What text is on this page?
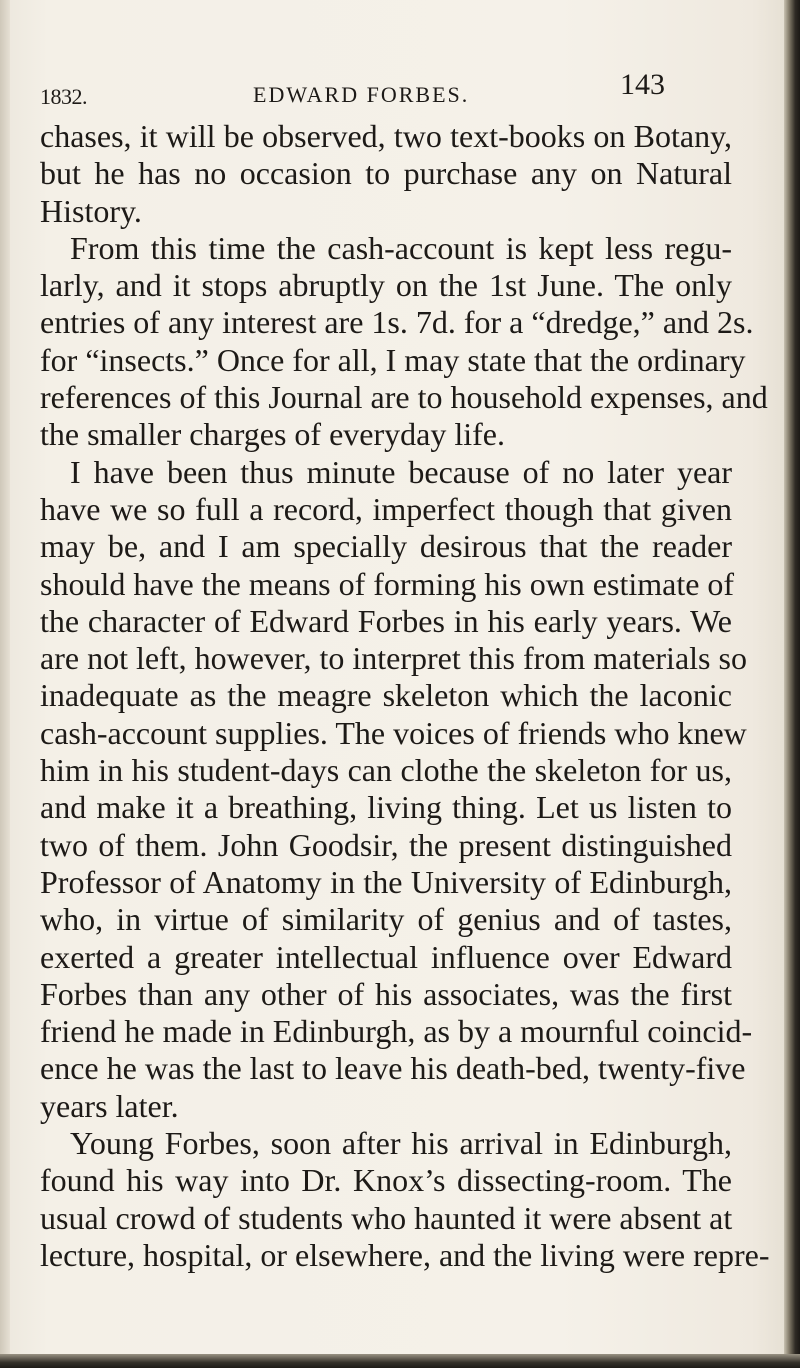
1832.	EDWARD FORBES.	143
chases, it will be observed, two text-books on Botany,
but he has no occasion to purchase any on Natural
History.
From this time the cash-account is kept less regu-
larly, and it stops abruptly on the 1st June. The only
entries of any interest are 1s. 7d. for a “dredge,” and 2s.
for “insects.” Once for all, I may state that the ordinary
references of this Journal are to household expenses, and
the smaller charges of everyday life.
I have been thus minute because of no later year
have we so full a record, imperfect though that given
may be, and I am specially desirous that the reader
should have the means of forming his own estimate of
the character of Edward Forbes in his early years. We
are not left, however, to interpret this from materials so
inadequate as the meagre skeleton which the laconic
cash-account supplies. The voices of friends who knew
him in his student-days can clothe the skeleton for us,
and make it a breathing, living thing. Let us listen to
two of them. John Goodsir, the present distinguished
Professor of Anatomy in the University of Edinburgh,
who, in virtue of similarity of genius and of tastes,
exerted a greater intellectual influence over Edward
Forbes than any other of his associates, was the first
friend he made in Edinburgh, as by a mournful coincid-
ence he was the last to leave his death-bed, twenty-five
years later.
Young Forbes, soon after his arrival in Edinburgh,
found his way into Dr. Knox’s dissecting-room. The
usual crowd of students who haunted it were absent at
lecture, hospital, or elsewhere, and the living were repre-
